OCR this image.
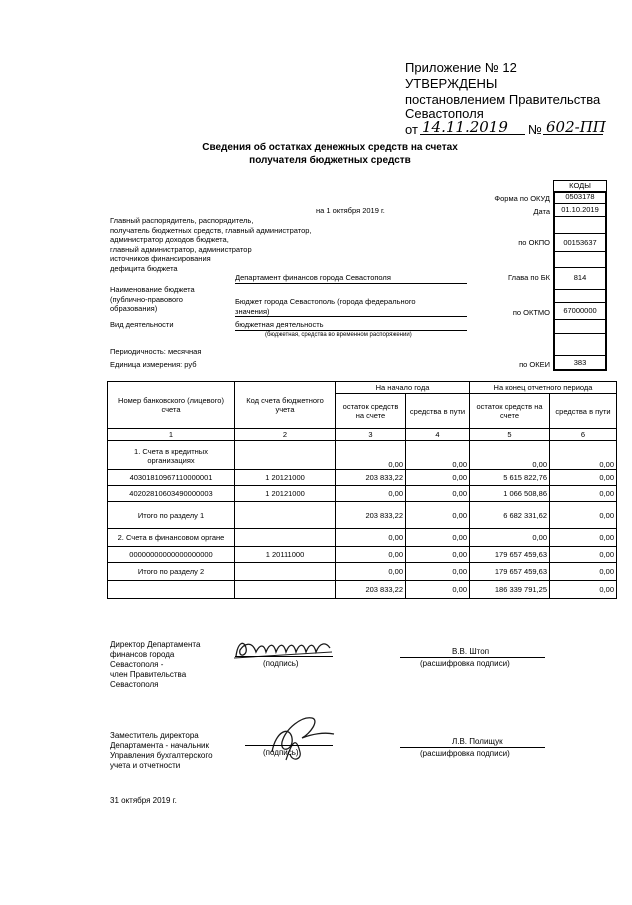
Приложение № 12
УТВЕРЖДЕНЫ
постановлением Правительства
Севастополя
от 14.11.2019 № 602-ПП
Сведения об остатках денежных средств на счетах
получателя бюджетных средств
КОДЫ
Форма по ОКУД	0503178
Дата	01.10.2019
по ОКПО	00153637
Глава по БК	814
по ОКТМО	67000000
по ОКЕИ	383
на 1 октября 2019 г.
Главный распорядитель, распорядитель,
получатель бюджетных средств, главный администратор,
администратор доходов бюджета,
главный администратор, администратор
источников финансирования
дефицита бюджета
Департамент финансов города Севастополя
Наименование бюджета
(публично-правового
образования)
Бюджет города Севастополь (города федерального
значения)
Вид деятельности	бюджетная деятельность
(бюджетная, средства во временном распоряжении)
Периодичность: месячная
Единица измерения: руб
Номер банковского (лицевого) счета	Код счета бюджетного учета	На начало года		На конец отчетного периода	
		остаток средств на счете	средства в пути	остаток средств на счете	средства в пути
1	2	3	4	5	6
1. Счета в кредитных организациях		0,00	0,00	0,00	0,00
40301810967110000001	1 20121000	203 833,22	0,00	5 615 822,76	0,00
40202810603490000003	1 20121000	0,00	0,00	1 066 508,86	0,00
Итого по разделу 1		203 833,22	0,00	6 682 331,62	0,00
2. Счета в финансовом органе		0,00	0,00	0,00	0,00
00000000000000000000	1 20111000	0,00	0,00	179 657 459,63	0,00
Итого по разделу 2		0,00	0,00	179 657 459,63	0,00
		203 833,22	0,00	186 339 791,25	0,00
Директор Департамента
финансов города
Севастополя -
член Правительства
Севастополя
(подпись)
В.В. Штоп
(расшифровка подписи)
Заместитель директора
Департамента - начальник
Управления бухгалтерского
учета и отчетности
(подпись)
Л.В. Полищук
(расшифровка подписи)
31 октября 2019 г.
